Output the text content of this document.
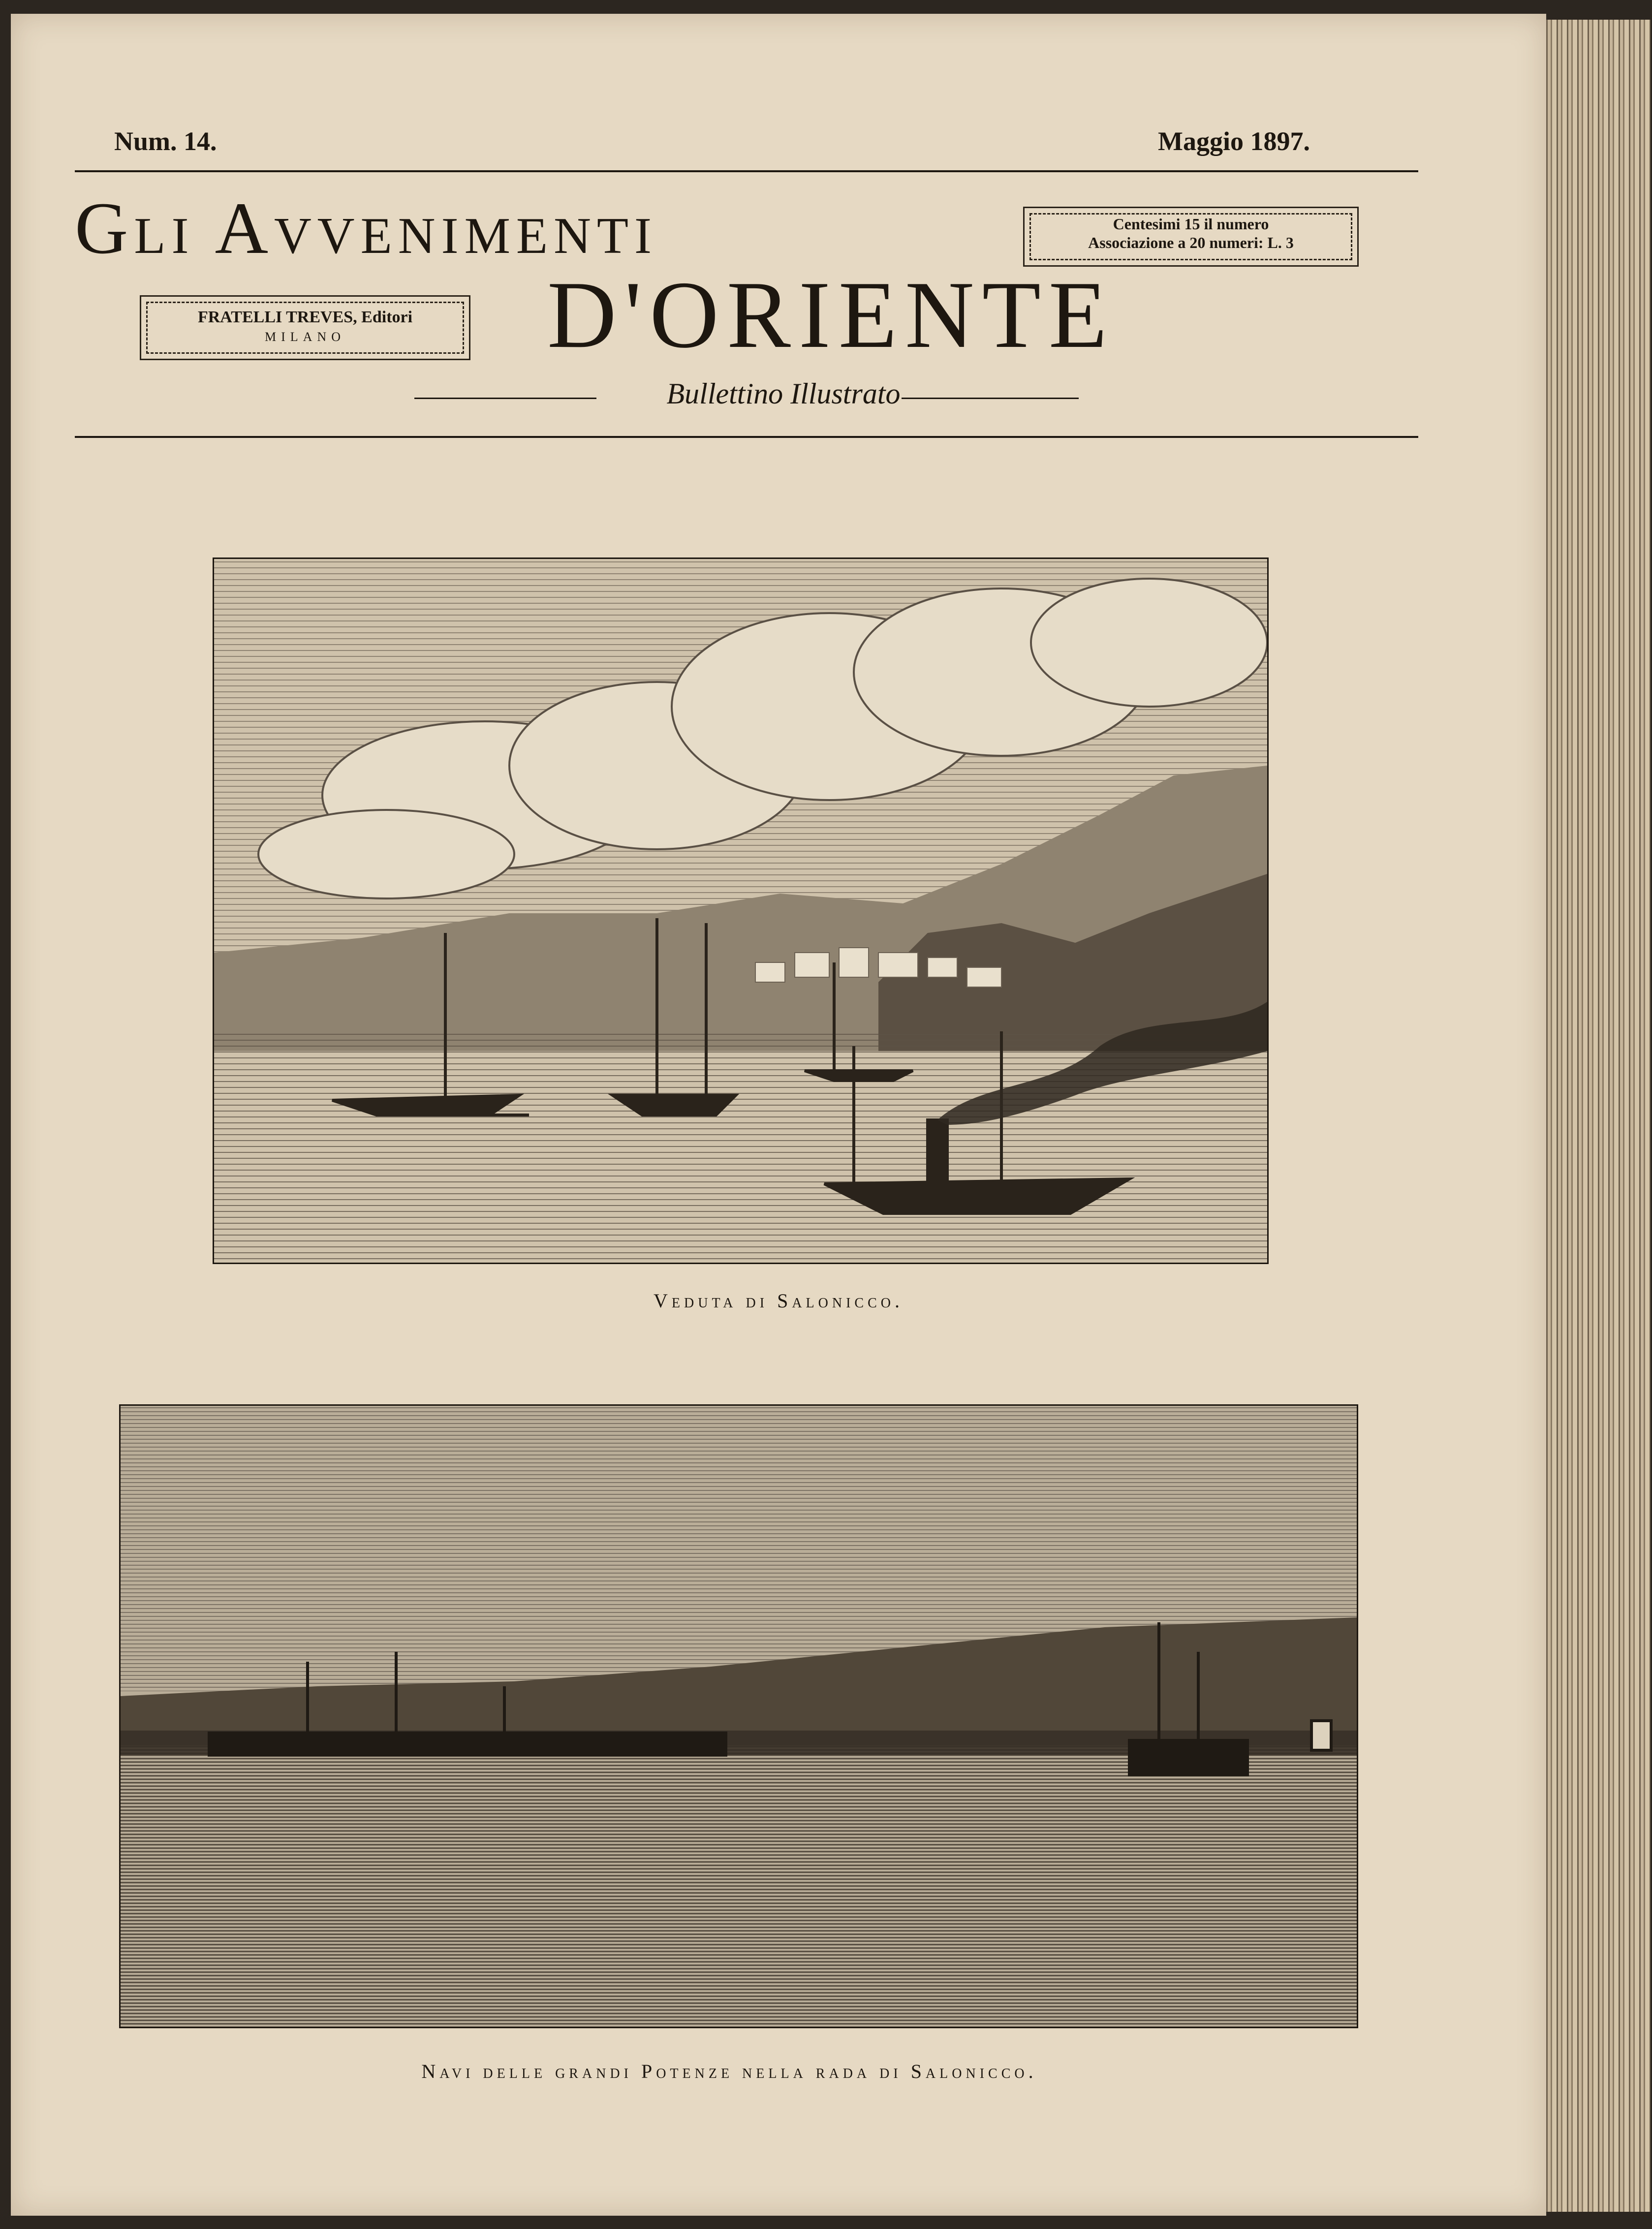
Num. 14.	Maggio 1897.
Gli Avvenimenti	Centesimi 15 il numero
Associazione a 20 numeri: L. 3
FRATELLI TREVES, Editori
MILANO	D'ORIENTE
Bullettino Illustrato
Veduta di Salonicco.
Navi delle grandi Potenze nella rada di Salonicco.
